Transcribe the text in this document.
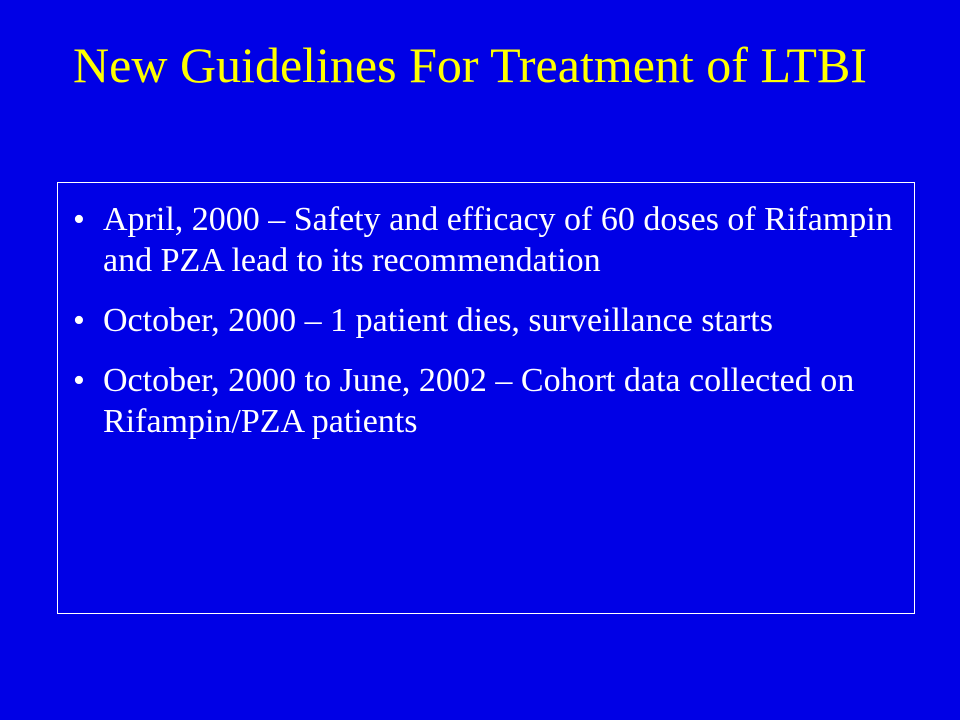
New Guidelines For Treatment of LTBI
• April, 2000 – Safety and efficacy of 60 doses of Rifampin and PZA lead to its recommendation
• October, 2000 – 1 patient dies, surveillance starts
• October, 2000 to June, 2002 – Cohort data collected on Rifampin/PZA patients
